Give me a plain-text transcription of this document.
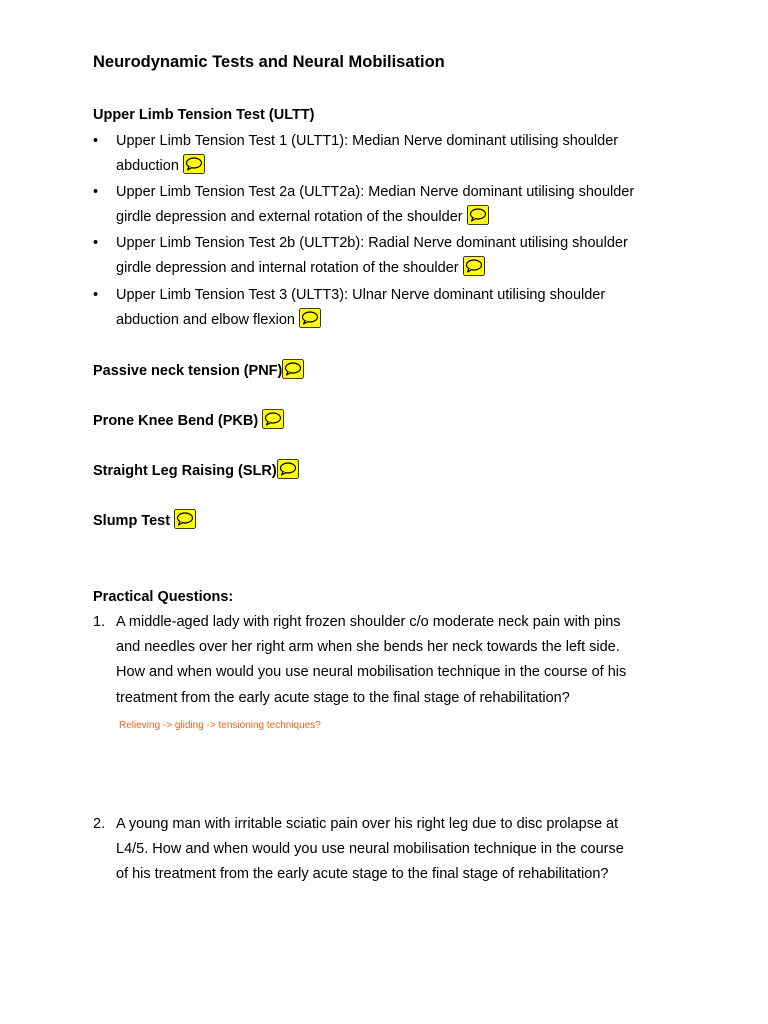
Neurodynamic Tests and Neural Mobilisation
Upper Limb Tension Test (ULTT)
• Upper Limb Tension Test 1 (ULTT1): Median Nerve dominant utilising shoulder
abduction
• Upper Limb Tension Test 2a (ULTT2a): Median Nerve dominant utilising shoulder
girdle depression and external rotation of the shoulder
• Upper Limb Tension Test 2b (ULTT2b): Radial Nerve dominant utilising shoulder
girdle depression and internal rotation of the shoulder
• Upper Limb Tension Test 3 (ULTT3): Ulnar Nerve dominant utilising shoulder
abduction and elbow flexion
Passive neck tension (PNF)
Prone Knee Bend (PKB)
Straight Leg Raising (SLR)
Slump Test
Practical Questions:
1. A middle-aged lady with right frozen shoulder c/o moderate neck pain with pins
and needles over her right arm when she bends her neck towards the left side.
How and when would you use neural mobilisation technique in the course of his
treatment from the early acute stage to the final stage of rehabilitation?
Relieving -> gliding -> tensioning techniques?
2. A young man with irritable sciatic pain over his right leg due to disc prolapse at
L4/5. How and when would you use neural mobilisation technique in the course
of his treatment from the early acute stage to the final stage of rehabilitation?
